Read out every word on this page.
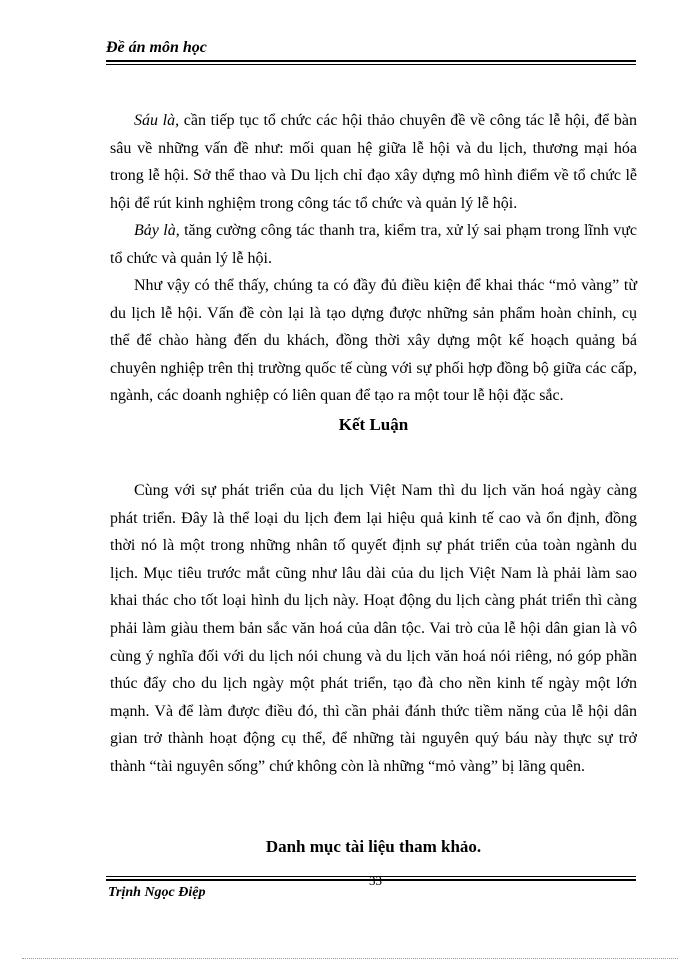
Đề án môn học

Sáu là, cần tiếp tục tổ chức các hội thảo chuyên đề về công tác lễ hội, để bàn sâu về những vấn đề như: mối quan hệ giữa lễ hội và du lịch, thương mại hóa trong lễ hội. Sở thể thao và Du lịch chỉ đạo xây dựng mô hình điểm về tổ chức lễ hội để rút kinh nghiệm trong công tác tổ chức và quản lý lễ hội.

Bảy là, tăng cường công tác thanh tra, kiểm tra, xử lý sai phạm trong lĩnh vực tổ chức và quản lý lễ hội.

Như vậy có thể thấy, chúng ta có đầy đủ điều kiện để khai thác “mỏ vàng” từ du lịch lễ hội. Vấn đề còn lại là tạo dựng được những sản phẩm hoàn chỉnh, cụ thể để chào hàng đến du khách, đồng thời xây dựng một kế hoạch quảng bá chuyên nghiệp trên thị trường quốc tế cùng với sự phối hợp đồng bộ giữa các cấp, ngành, các doanh nghiệp có liên quan để tạo ra một tour lễ hội đặc sắc.

Kết Luận

Cùng với sự phát triển của du lịch Việt Nam thì du lịch văn hoá ngày càng phát triển. Đây là thể loại du lịch đem lại hiệu quả kinh tế cao và ổn định, đồng thời nó là một trong những nhân tố quyết định sự phát triển của toàn ngành du lịch. Mục tiêu trước mắt cũng như lâu dài của du lịch Việt Nam là phải làm sao khai thác cho tốt loại hình du lịch này. Hoạt động du lịch càng phát triển thì càng phải làm giàu them bản sắc văn hoá của dân tộc. Vai trò của lễ hội dân gian là vô cùng ý nghĩa đối với du lịch nói chung và du lịch văn hoá nói riêng, nó góp phần thúc đẩy cho du lịch ngày một phát triển, tạo đà cho nền kinh tế ngày một lớn mạnh. Và để làm được điều đó, thì cần phải đánh thức tiềm năng của lễ hội dân gian trở thành hoạt động cụ thể, để những tài nguyên quý báu này thực sự trở thành “tài nguyên sống” chứ không còn là những “mỏ vàng” bị lãng quên.

Danh mục tài liệu tham khảo.
Trịnh Ngọc Điệp
33
